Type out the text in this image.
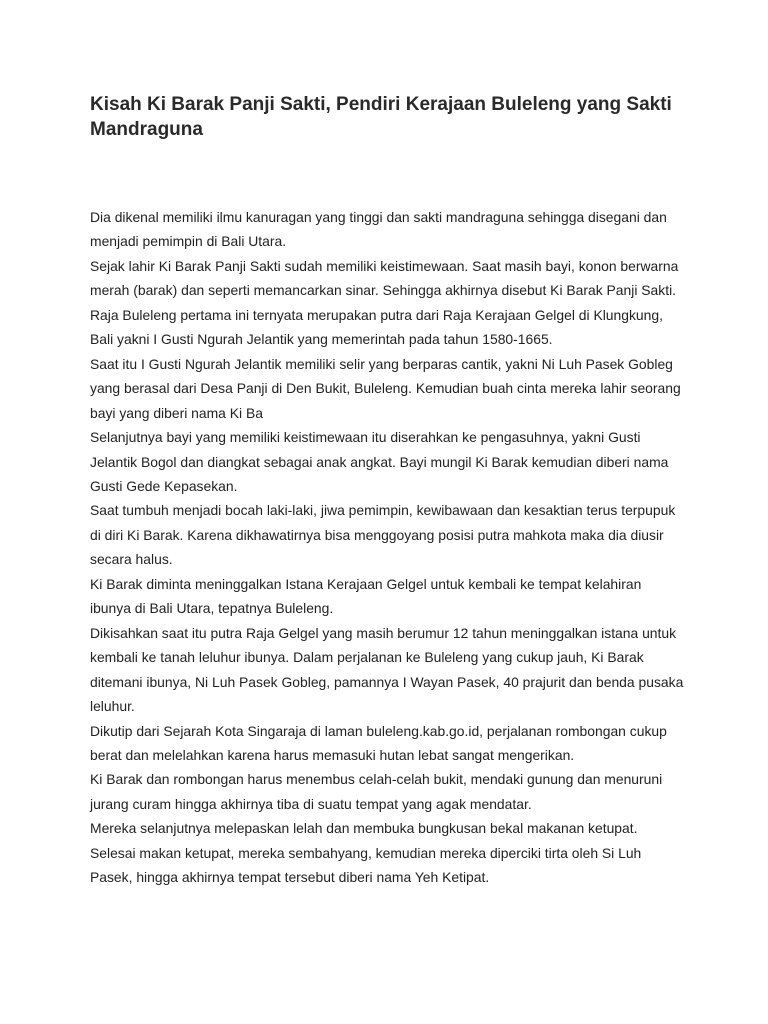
Kisah Ki Barak Panji Sakti, Pendiri Kerajaan Buleleng yang Sakti Mandraguna

Dia dikenal memiliki ilmu kanuragan yang tinggi dan sakti mandraguna sehingga disegani dan menjadi pemimpin di Bali Utara.

Sejak lahir Ki Barak Panji Sakti sudah memiliki keistimewaan. Saat masih bayi, konon berwarna merah (barak) dan seperti memancarkan sinar. Sehingga akhirnya disebut Ki Barak Panji Sakti.

Raja Buleleng pertama ini ternyata merupakan putra dari Raja Kerajaan Gelgel di Klungkung, Bali yakni I Gusti Ngurah Jelantik yang memerintah pada tahun 1580-1665.

Saat itu I Gusti Ngurah Jelantik memiliki selir yang berparas cantik, yakni Ni Luh Pasek Gobleg yang berasal dari Desa Panji di Den Bukit, Buleleng. Kemudian buah cinta mereka lahir seorang bayi yang diberi nama Ki Ba

Selanjutnya bayi yang memiliki keistimewaan itu diserahkan ke pengasuhnya, yakni Gusti Jelantik Bogol dan diangkat sebagai anak angkat. Bayi mungil Ki Barak kemudian diberi nama Gusti Gede Kepasekan.

Saat tumbuh menjadi bocah laki-laki, jiwa pemimpin, kewibawaan dan kesaktian terus terpupuk di diri Ki Barak. Karena dikhawatirnya bisa menggoyang posisi putra mahkota maka dia diusir secara halus.

Ki Barak diminta meninggalkan Istana Kerajaan Gelgel untuk kembali ke tempat kelahiran ibunya di Bali Utara, tepatnya Buleleng.

Dikisahkan saat itu putra Raja Gelgel yang masih berumur 12 tahun meninggalkan istana untuk kembali ke tanah leluhur ibunya. Dalam perjalanan ke Buleleng yang cukup jauh, Ki Barak ditemani ibunya, Ni Luh Pasek Gobleg, pamannya I Wayan Pasek, 40 prajurit dan benda pusaka leluhur.

Dikutip dari Sejarah Kota Singaraja di laman buleleng.kab.go.id, perjalanan rombongan cukup berat dan melelahkan karena harus memasuki hutan lebat sangat mengerikan.

Ki Barak dan rombongan harus menembus celah-celah bukit, mendaki gunung dan menuruni jurang curam hingga akhirnya tiba di suatu tempat yang agak mendatar.

Mereka selanjutnya melepaskan lelah dan membuka bungkusan bekal makanan ketupat.

Selesai makan ketupat, mereka sembahyang, kemudian mereka diperciki tirta oleh Si Luh Pasek, hingga akhirnya tempat tersebut diberi nama Yeh Ketipat.
